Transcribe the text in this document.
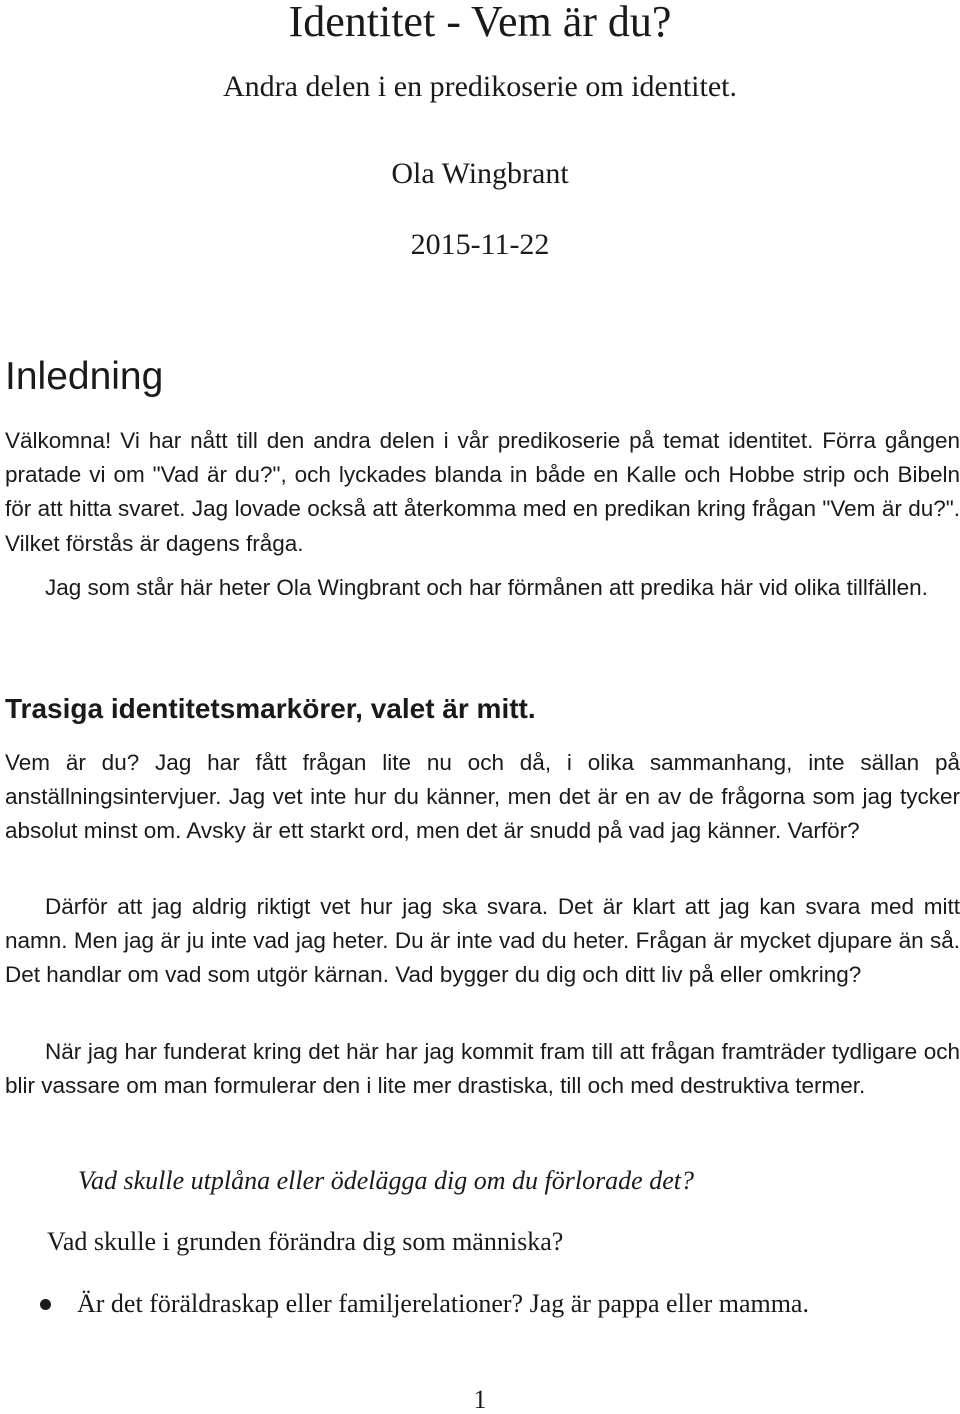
Identitet - Vem är du?
Andra delen i en predikoserie om identitet.
Ola Wingbrant
2015-11-22
Inledning

Välkomna! Vi har nått till den andra delen i vår predikoserie på temat identitet. Förra gången pratade vi om "Vad är du?", och lyckades blanda in både en Kalle och Hobbe strip och Bibeln för att hitta svaret. Jag lovade också att återkomma med en predikan kring frågan "Vem är du?". Vilket förstås är dagens fråga.

Jag som står här heter Ola Wingbrant och har förmånen att predika här vid olika tillfällen.

Trasiga identitetsmarkörer, valet är mitt.

Vem är du? Jag har fått frågan lite nu och då, i olika sammanhang, inte sällan på anställningsintervjuer. Jag vet inte hur du känner, men det är en av de frågorna som jag tycker absolut minst om. Avsky är ett starkt ord, men det är snudd på vad jag känner. Varför?

Därför att jag aldrig riktigt vet hur jag ska svara. Det är klart att jag kan svara med mitt namn. Men jag är ju inte vad jag heter. Du är inte vad du heter. Frågan är mycket djupare än så. Det handlar om vad som utgör kärnan. Vad bygger du dig och ditt liv på eller omkring?

När jag har funderat kring det här har jag kommit fram till att frågan framträder tydligare och blir vassare om man formulerar den i lite mer drastiska, till och med destruktiva termer.

Vad skulle utplåna eller ödelägga dig om du förlorade det?
Vad skulle i grunden förändra dig som människa?
Är det föräldraskap eller familjerelationer? Jag är pappa eller mamma.
1
